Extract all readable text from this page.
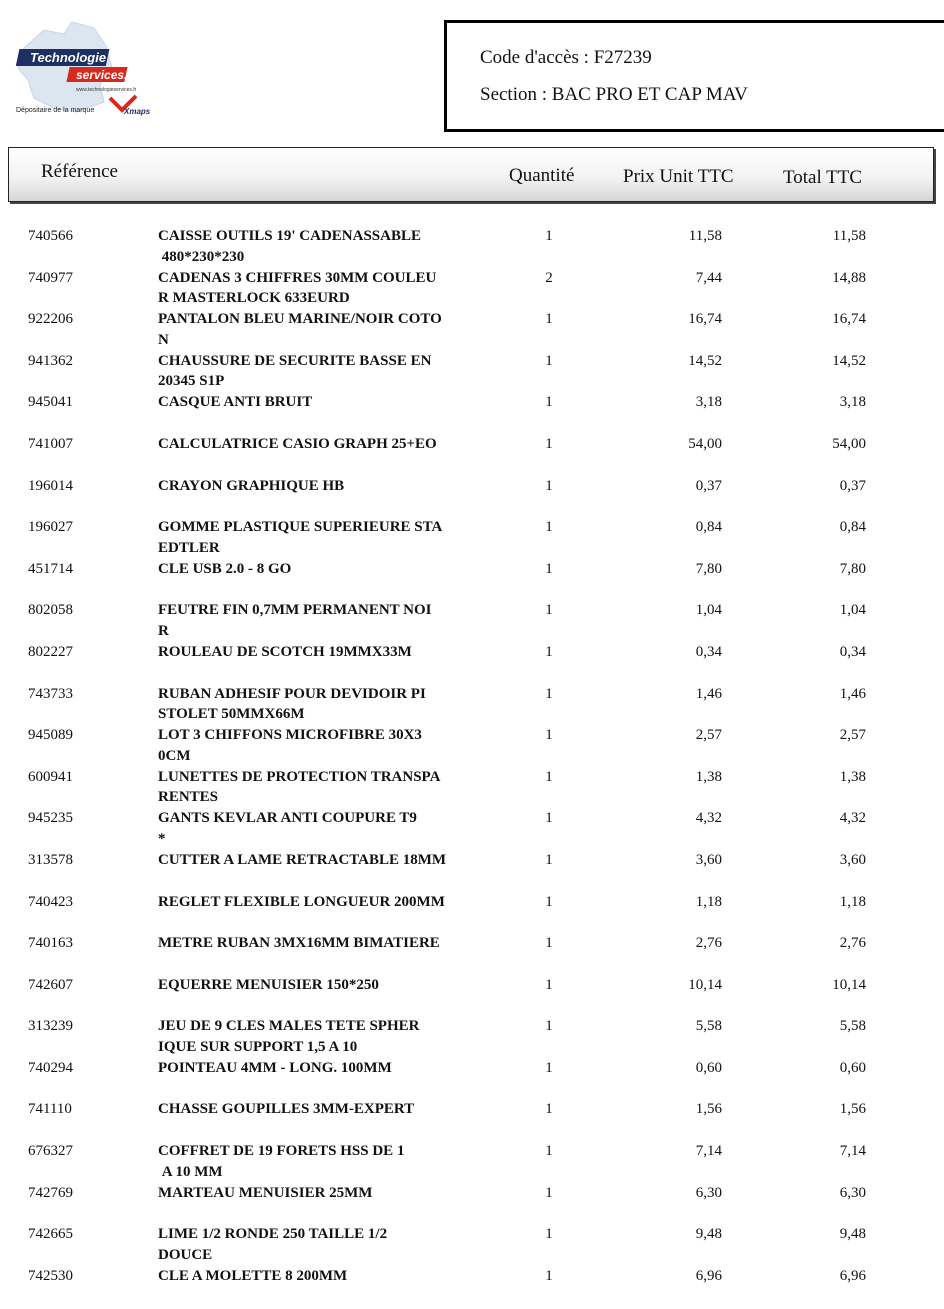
Technologie
services...
www.technologieservices.fr
Dépositaire de la marque	Xmaps
Code d'accès : F27239
Section : BAC PRO ET CAP MAV
Référence	Quantité	Prix Unit TTC	Total TTC
740566	CAISSE OUTILS 19' CADENASSABLE
480*230*230
1	11,58	11,58
740977	CADENAS 3 CHIFFRES 30MM COULEU
R MASTERLOCK 633EURD
2	7,44	14,88
922206	PANTALON BLEU MARINE/NOIR COTO
N
1	16,74	16,74
941362	CHAUSSURE DE SECURITE BASSE EN
20345 S1P
1	14,52	14,52
945041	CASQUE ANTI BRUIT	1	3,18	3,18
741007	CALCULATRICE CASIO GRAPH 25+EO	1	54,00	54,00
196014	CRAYON GRAPHIQUE HB	1	0,37	0,37
196027	GOMME PLASTIQUE SUPERIEURE STA
EDTLER
1	0,84	0,84
451714	CLE USB 2.0 - 8 GO	1	7,80	7,80
802058	FEUTRE FIN 0,7MM PERMANENT NOI
R
1	1,04	1,04
802227	ROULEAU DE SCOTCH 19MMX33M	1	0,34	0,34
743733	RUBAN ADHESIF POUR DEVIDOIR PI
STOLET 50MMX66M
1	1,46	1,46
945089	LOT 3 CHIFFONS MICROFIBRE 30X3
0CM
1	2,57	2,57
600941	LUNETTES DE PROTECTION TRANSPA
RENTES
1	1,38	1,38
945235	GANTS KEVLAR ANTI COUPURE T9
*
1	4,32	4,32
313578	CUTTER A LAME RETRACTABLE 18MM	1	3,60	3,60
740423	REGLET FLEXIBLE LONGUEUR 200MM	1	1,18	1,18
740163	METRE RUBAN 3MX16MM BIMATIERE	1	2,76	2,76
742607	EQUERRE MENUISIER 150*250	1	10,14	10,14
313239	JEU DE 9 CLES MALES TETE SPHER
IQUE SUR SUPPORT 1,5 A 10
1	5,58	5,58
740294	POINTEAU 4MM - LONG. 100MM	1	0,60	0,60
741110	CHASSE GOUPILLES 3MM-EXPERT	1	1,56	1,56
676327	COFFRET DE 19 FORETS HSS DE 1
A 10 MM
1	7,14	7,14
742769	MARTEAU MENUISIER 25MM	1	6,30	6,30
742665	LIME 1/2 RONDE 250 TAILLE 1/2
DOUCE
1	9,48	9,48
742530	CLE A MOLETTE 8 200MM	1	6,96	6,96
